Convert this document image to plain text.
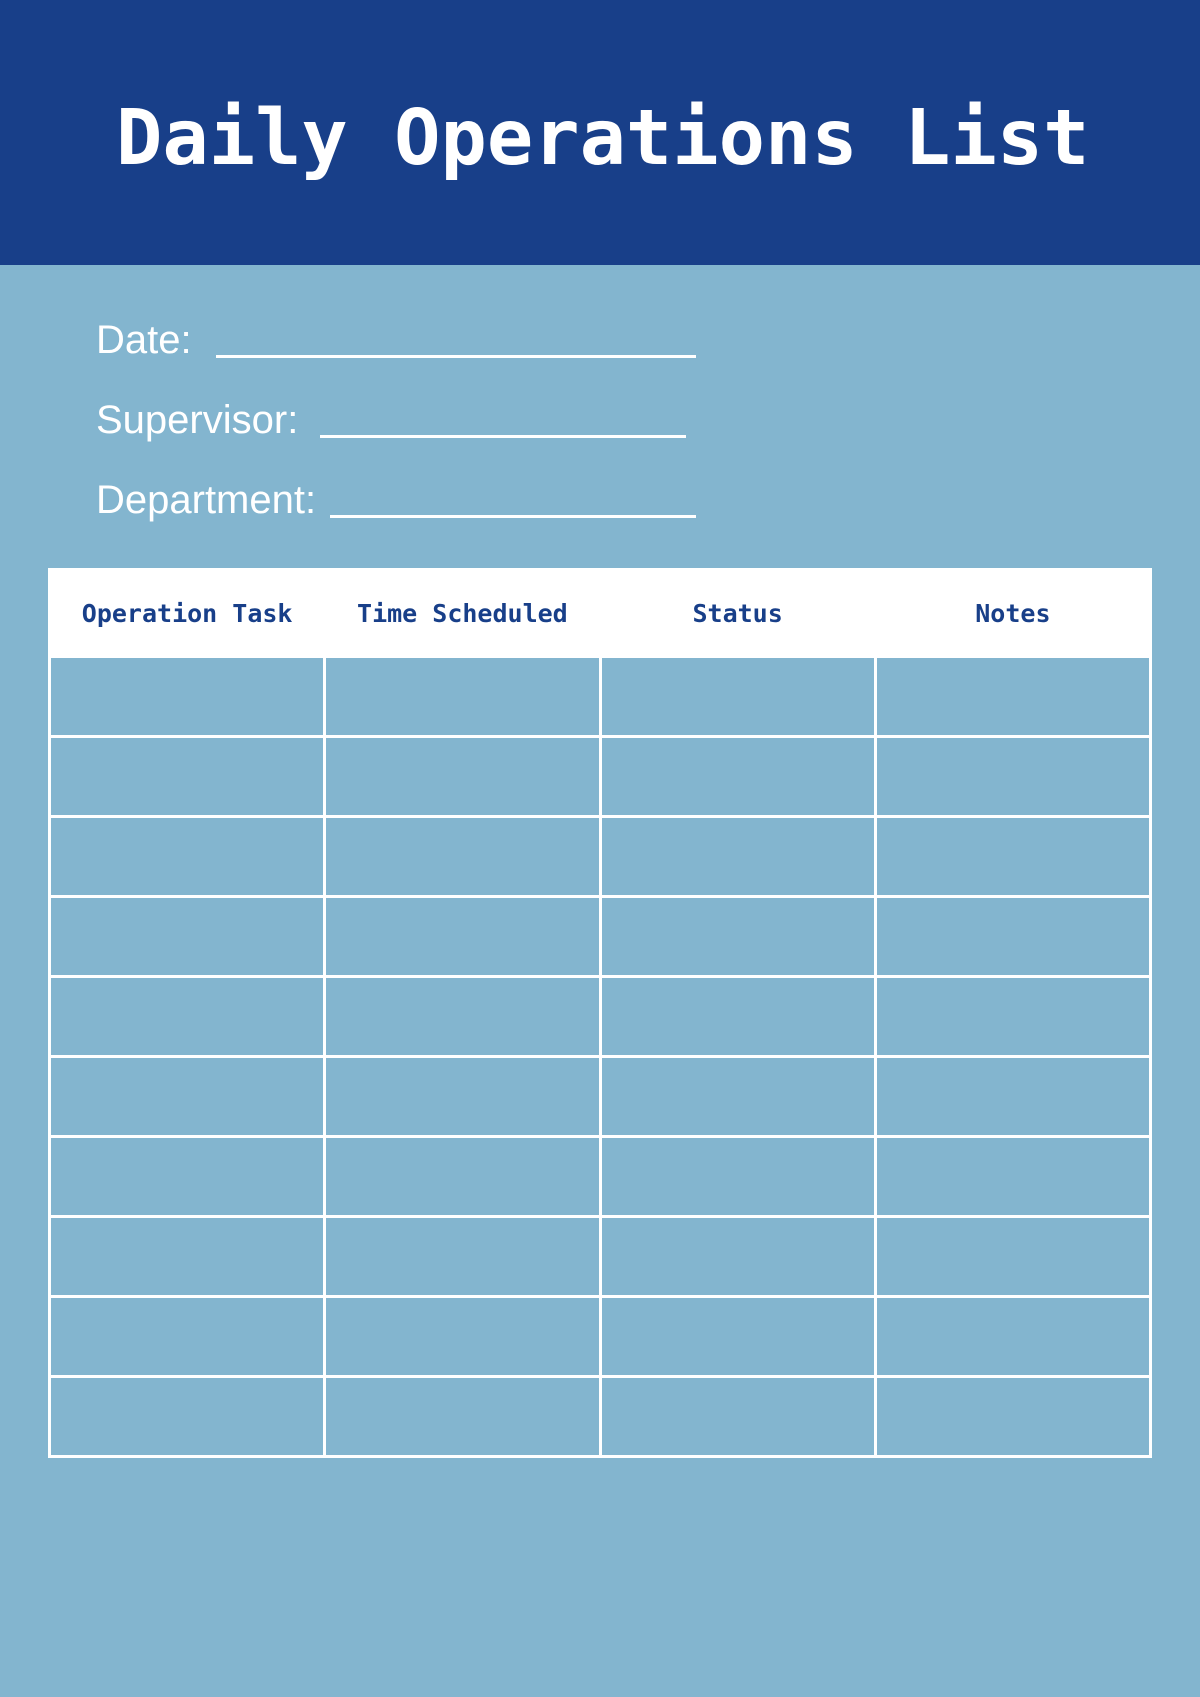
Daily Operations List
Date:
Supervisor:
Department:
Operation Task	Time Scheduled	Status	Notes
